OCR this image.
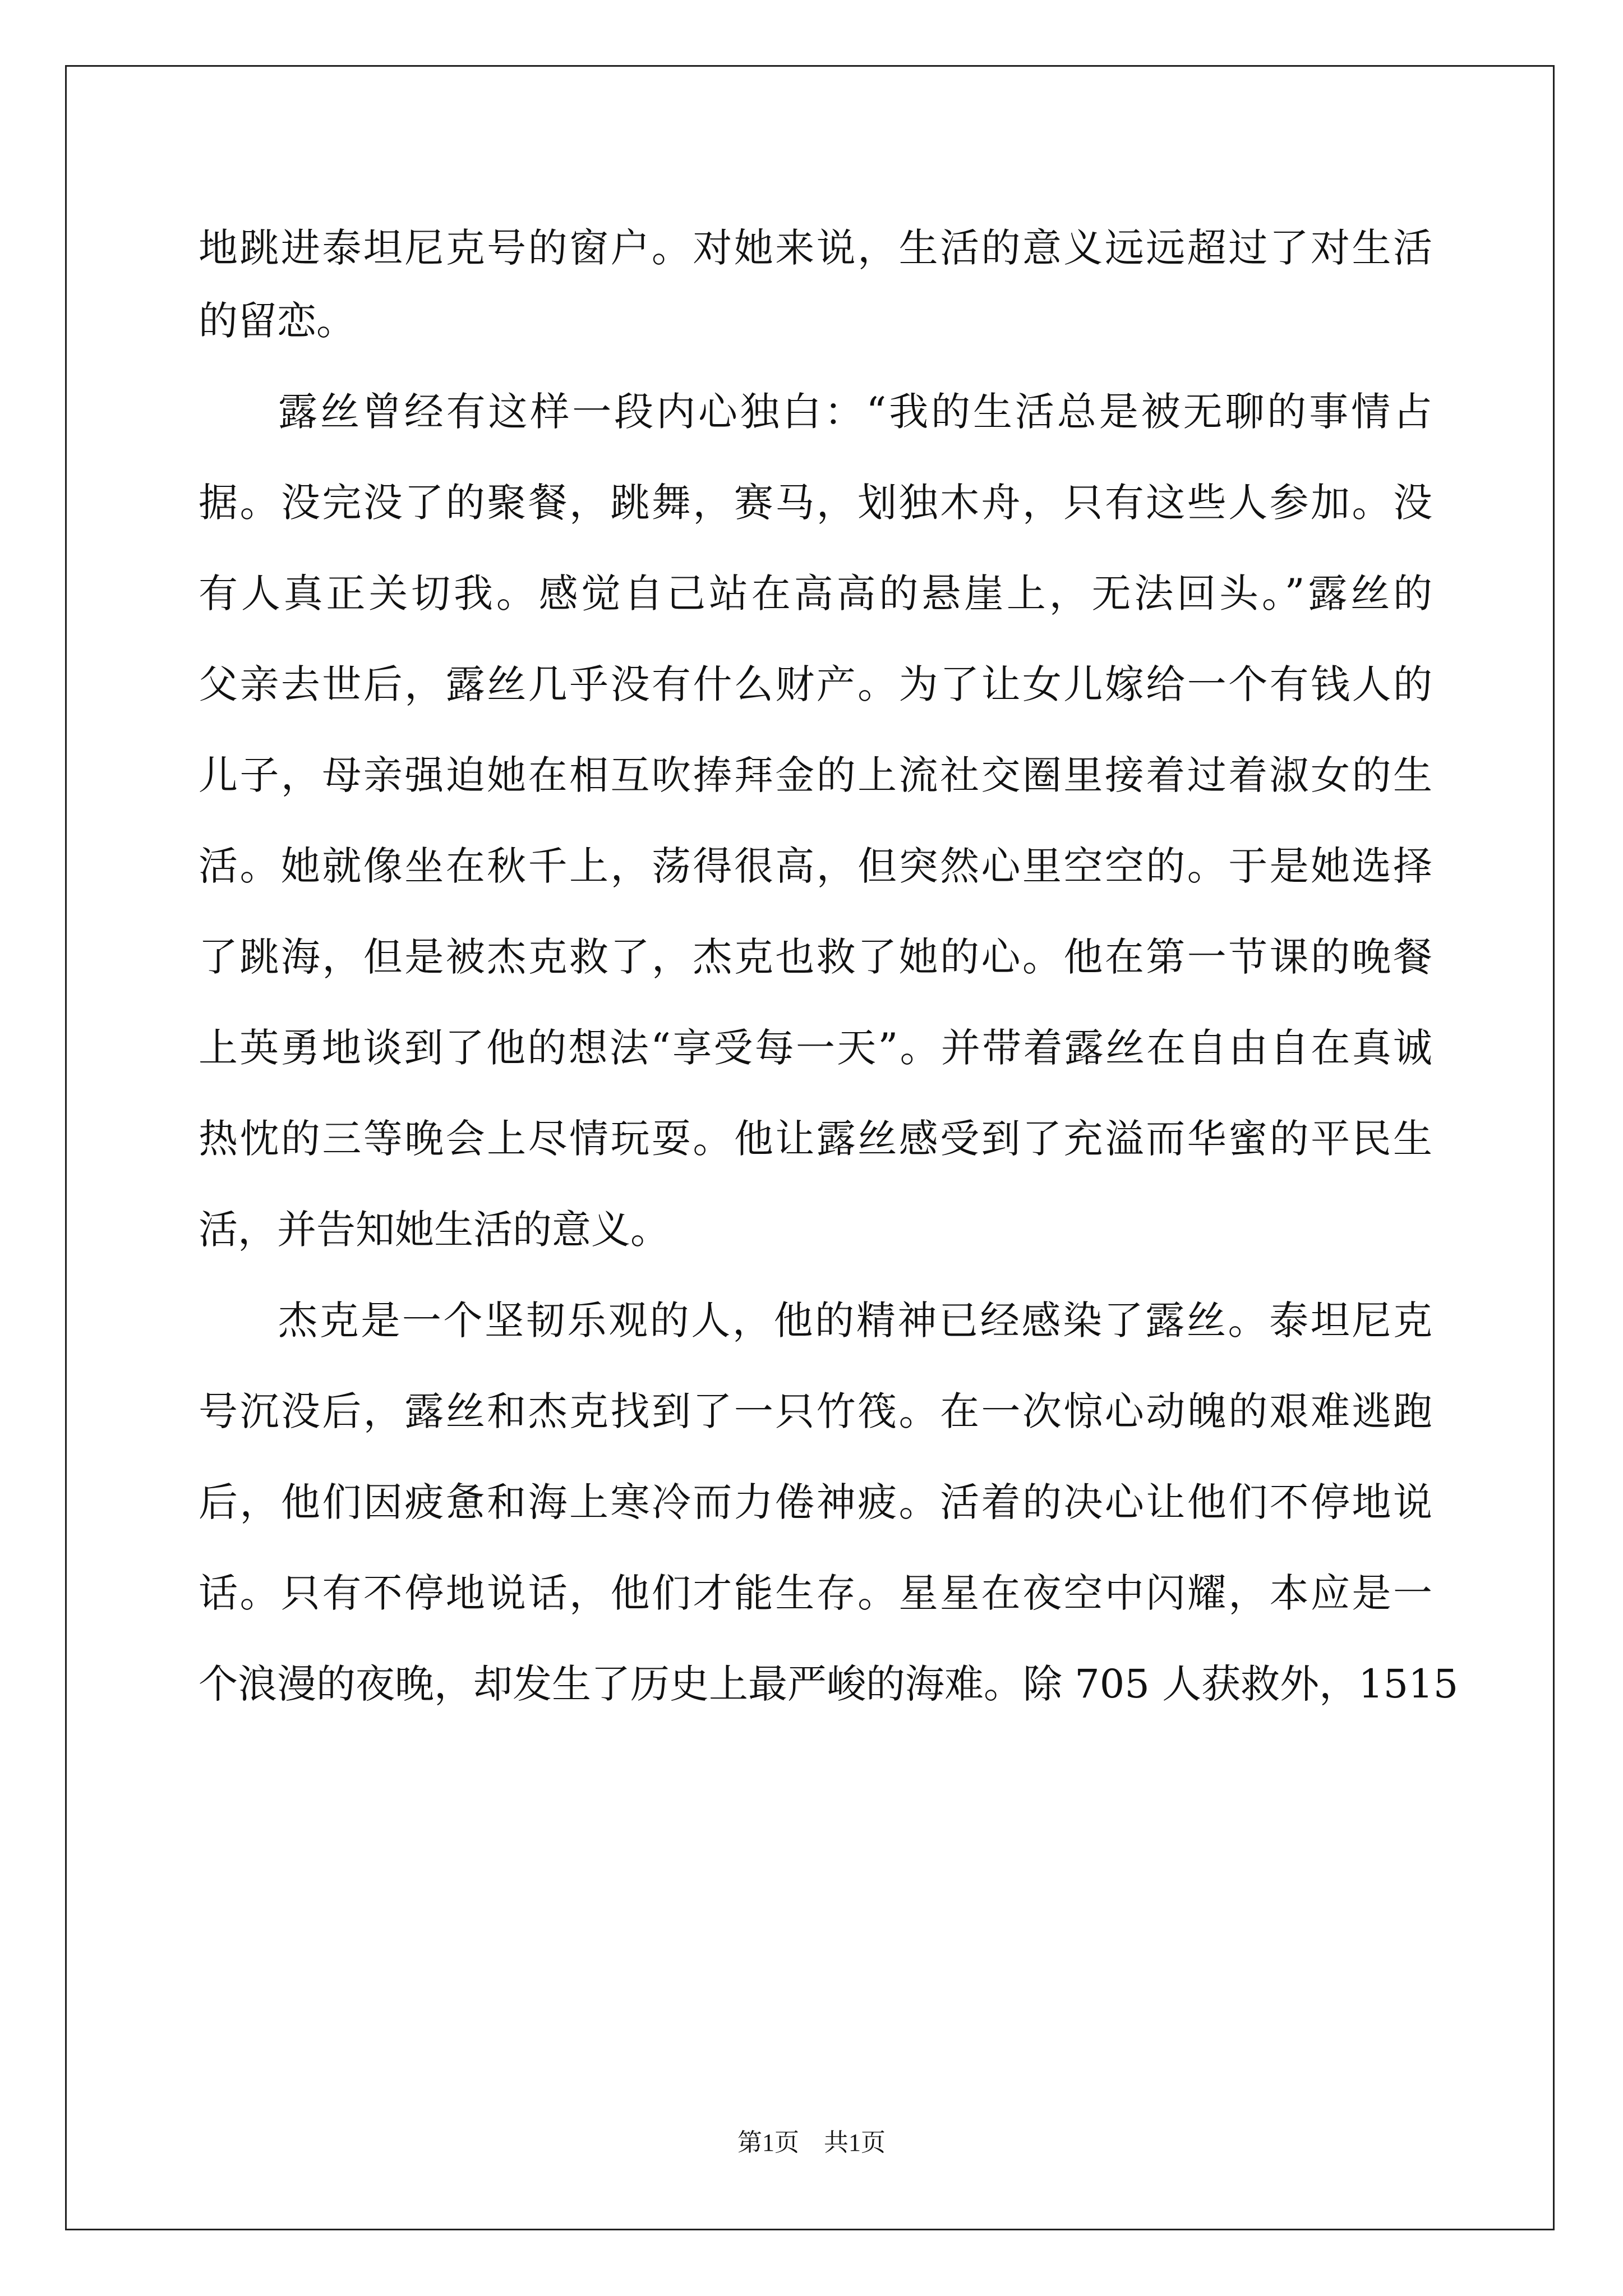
地跳进泰坦尼克号的窗户。对她来说，生活的意义远远超过了对生活
的留恋。
露丝曾经有这样一段内心独白：“我的生活总是被无聊的事情占
据。没完没了的聚餐，跳舞，赛马，划独木舟，只有这些人参加。没
有人真正关切我。感觉自己站在高高的悬崖上，无法回头。”露丝的
父亲去世后，露丝几乎没有什么财产。为了让女儿嫁给一个有钱人的
儿子，母亲强迫她在相互吹捧拜金的上流社交圈里接着过着淑女的生
活。她就像坐在秋千上，荡得很高，但突然心里空空的。于是她选择
了跳海，但是被杰克救了，杰克也救了她的心。他在第一节课的晚餐
上英勇地谈到了他的想法“享受每一天”。并带着露丝在自由自在真诚
热忱的三等晚会上尽情玩耍。他让露丝感受到了充溢而华蜜的平民生
活，并告知她生活的意义。
杰克是一个坚韧乐观的人，他的精神已经感染了露丝。泰坦尼克
号沉没后，露丝和杰克找到了一只竹筏。在一次惊心动魄的艰难逃跑
后，他们因疲惫和海上寒冷而力倦神疲。活着的决心让他们不停地说
话。只有不停地说话，他们才能生存。星星在夜空中闪耀，本应是一
个浪漫的夜晚，却发生了历史上最严峻的海难。除 705 人获救外，1515
第1页　共1页
